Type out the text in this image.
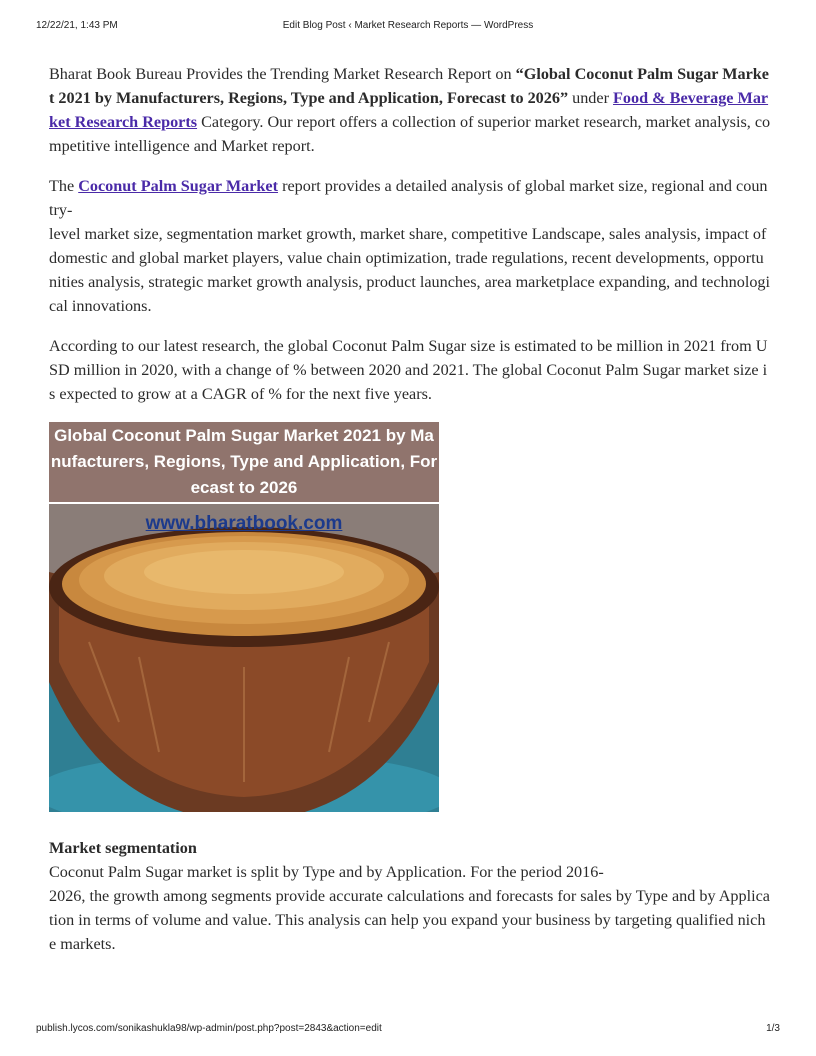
12/22/21, 1:43 PM	Edit Blog Post ‹ Market Research Reports — WordPress

Bharat Book Bureau Provides the Trending Market Research Report on “Global Coconut Palm Sugar Market 2021 by Manufacturers, Regions, Type and Application, Forecast to 2026” under Food & Beverage Market Research Reports Category. Our report offers a collection of superior market research, market analysis, competitive intelligence and Market report.

The Coconut Palm Sugar Market report provides a detailed analysis of global market size, regional and country-
level market size, segmentation market growth, market share, competitive Landscape, sales analysis, impact of domestic and global market players, value chain optimization, trade regulations, recent developments, opportunities analysis, strategic market growth analysis, product launches, area marketplace expanding, and technological innovations.

According to our latest research, the global Coconut Palm Sugar size is estimated to be million in 2021 from USD million in 2020, with a change of % between 2020 and 2021. The global Coconut Palm Sugar market size is expected to grow at a CAGR of % for the next five years.

Global Coconut Palm Sugar Market 2021 by Manufacturers, Regions, Type and Application, Forecast to 2026
www.bharatbook.com

Market segmentation
Coconut Palm Sugar market is split by Type and by Application. For the period 2016-
2026, the growth among segments provide accurate calculations and forecasts for sales by Type and by Application in terms of volume and value. This analysis can help you expand your business by targeting qualified niche markets.

publish.lycos.com/sonikashukla98/wp-admin/post.php?post=2843&action=edit	1/3
